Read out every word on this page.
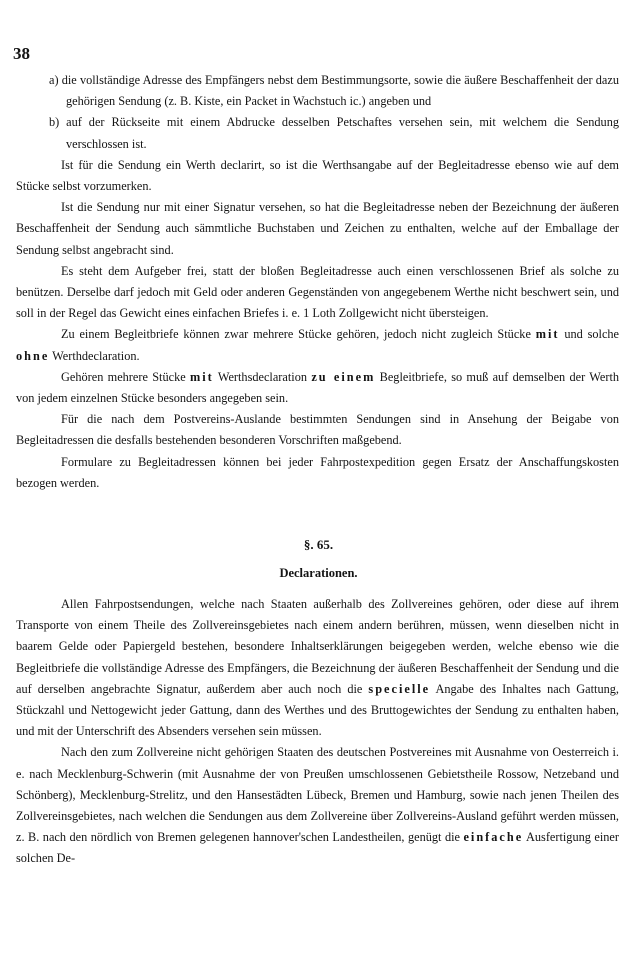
38

a) die vollständige Adresse des Empfängers nebst dem Bestimmungsorte, sowie die äußere Beschaffenheit der dazu gehörigen Sendung (z. B. Kiste, ein Packet in Wachstuch ic.) angeben und

b) auf der Rückseite mit einem Abdrucke desselben Petschaftes versehen sein, mit welchem die Sendung verschlossen ist.

Ist für die Sendung ein Werth declarirt, so ist die Werthsangabe auf der Begleitadresse ebenso wie auf dem Stücke selbst vorzumerken.

Ist die Sendung nur mit einer Signatur versehen, so hat die Begleitadresse neben der Bezeichnung der äußeren Beschaffenheit der Sendung auch sämmtliche Buchstaben und Zeichen zu enthalten, welche auf der Emballage der Sendung selbst angebracht sind.

Es steht dem Aufgeber frei, statt der bloßen Begleitadresse auch einen verschlossenen Brief als solche zu benützen. Derselbe darf jedoch mit Geld oder anderen Gegenständen von angegebenem Werthe nicht beschwert sein, und soll in der Regel das Gewicht eines einfachen Briefes i. e. 1 Loth Zollgewicht nicht übersteigen.

Zu einem Begleitbriefe können zwar mehrere Stücke gehören, jedoch nicht zugleich Stücke mit und solche ohne Werthdeclaration.

Gehören mehrere Stücke mit Werthsdeclaration zu einem Begleitbriefe, so muß auf demselben der Werth von jedem einzelnen Stücke besonders angegeben sein.

Für die nach dem Postvereins-Auslande bestimmten Sendungen sind in Ansehung der Beigabe von Begleitadressen die desfalls bestehenden besonderen Vorschriften maßgebend.

Formulare zu Begleitadressen können bei jeder Fahrpostexpedition gegen Ersatz der Anschaffungskosten bezogen werden.

§. 65.
Declarationen.

Allen Fahrpostsendungen, welche nach Staaten außerhalb des Zollvereines gehören, oder diese auf ihrem Transporte von einem Theile des Zollvereinsgebietes nach einem andern berühren, müssen, wenn dieselben nicht in baarem Gelde oder Papiergeld bestehen, besondere Inhaltserklärungen beigegeben werden, welche ebenso wie die Begleitbriefe die vollständige Adresse des Empfängers, die Bezeichnung der äußeren Beschaffenheit der Sendung und die auf derselben angebrachte Signatur, außerdem aber auch noch die specielle Angabe des Inhaltes nach Gattung, Stückzahl und Nettogewicht jeder Gattung, dann des Werthes und des Bruttogewichtes der Sendung zu enthalten haben, und mit der Unterschrift des Absenders versehen sein müssen.

Nach den zum Zollvereine nicht gehörigen Staaten des deutschen Postvereines mit Ausnahme von Oesterreich i. e. nach Mecklenburg-Schwerin (mit Ausnahme der von Preußen umschlossenen Gebietstheile Rossow, Netzeband und Schönberg), Mecklenburg-Strelitz, und den Hansestädten Lübeck, Bremen und Hamburg, sowie nach jenen Theilen des Zollvereinsgebietes, nach welchen die Sendungen aus dem Zollvereine über Zollvereins-Ausland geführt werden müssen, z. B. nach den nördlich von Bremen gelegenen hannover'schen Landestheilen, genügt die einfache Ausfertigung einer solchen De-
